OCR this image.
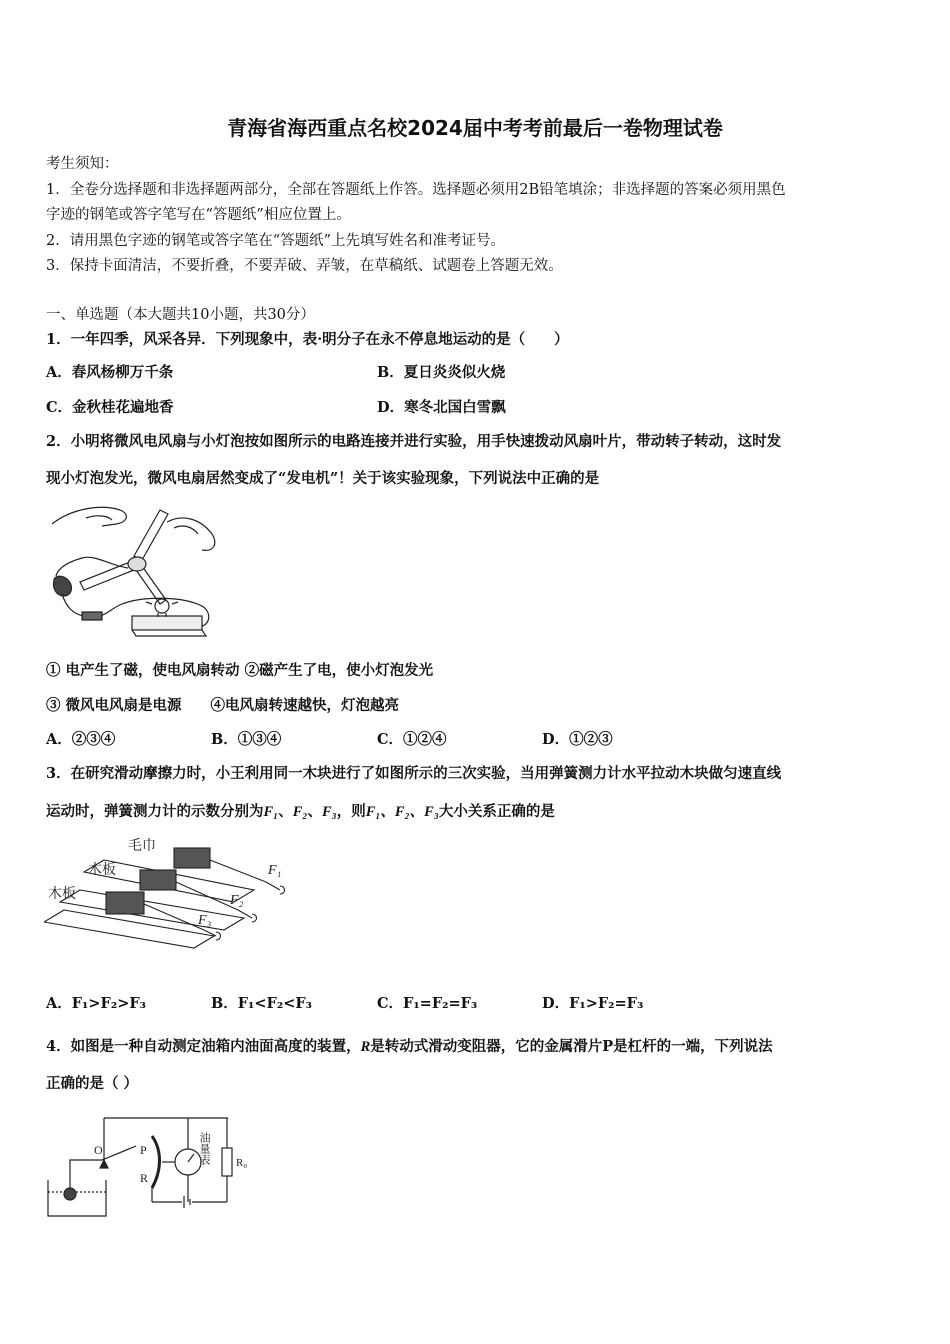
青海省海西重点名校2024届中考考前最后一卷物理试卷
考生须知：
1．全卷分选择题和非选择题两部分，全部在答题纸上作答。选择题必须用2B铅笔填涂；非选择题的答案必须用黑色
字迹的钢笔或答字笔写在“答题纸”相应位置上。
2．请用黑色字迹的钢笔或答字笔在“答题纸”上先填写姓名和准考证号。
3．保持卡面清洁，不要折叠，不要弄破、弄皱，在草稿纸、试题卷上答题无效。
一、单选题（本大题共10小题，共30分）
1．一年四季，风采各异．下列现象中，表·明分子在永不停息地运动的是（　　）
A．春风杨柳万千条	B．夏日炎炎似火烧
C．金秋桂花遍地香	D．寒冬北国白雪飘
2．小明将微风电风扇与小灯泡按如图所示的电路连接并进行实验，用手快速拨动风扇叶片，带动转子转动，这时发
现小灯泡发光，微风电扇居然变成了“发电机”！关于该实验现象，下列说法中正确的是
① 电产生了磁，使电风扇转动 ②磁产生了电，使小灯泡发光
③ 微风电风扇是电源　　④电风扇转速越快，灯泡越亮
A．②③④	B．①③④	C．①②④	D．①②③
3．在研究滑动摩擦力时，小王利用同一木块进行了如图所示的三次实验，当用弹簧测力计水平拉动木块做匀速直线
运动时，弹簧测力计的示数分别为F₁、F₂、F₃，则F₁、F₂、F₃大小关系正确的是
毛巾
木板
木板
F₁
F₂
F₃
A．F₁>F₂>F₃	B．F₁<F₂<F₃	C．F₁=F₂=F₃	D．F₁>F₂=F₃
4．如图是一种自动测定油箱内油面高度的装置，R是转动式滑动变阻器，它的金属滑片P是杠杆的一端，下列说法
正确的是（ ）
O	P
R
油量表 R₀
